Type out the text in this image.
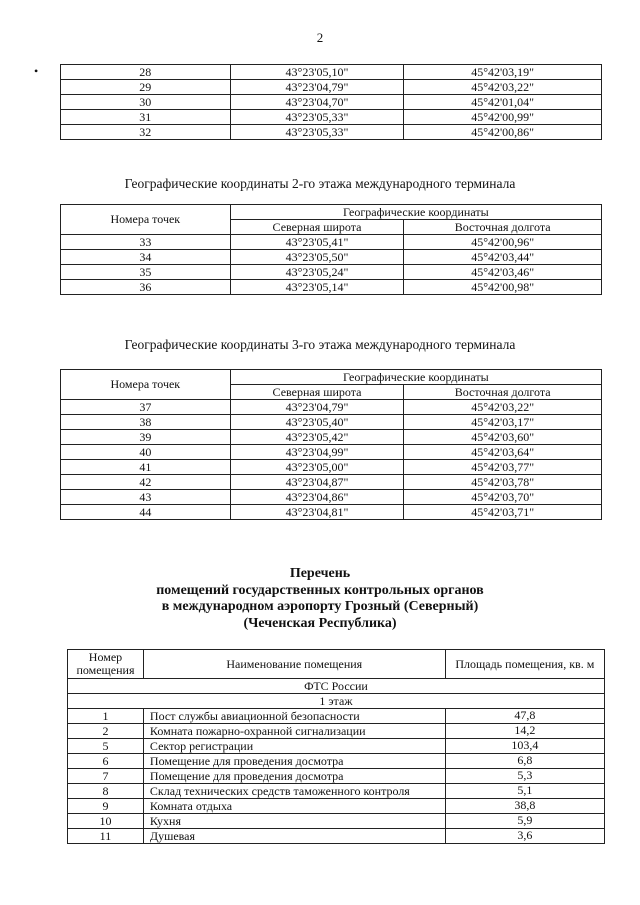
2
•	28	43°23'05,10"	45°42'03,19"
29	43°23'04,79"	45°42'03,22"
30	43°23'04,70"	45°42'01,04"
31	43°23'05,33"	45°42'00,99"
32	43°23'05,33"	45°42'00,86"
Географические координаты 2-го этажа международного терминала
Номера точек	Географические координаты	
	Северная широта	Восточная долгота
33	43°23'05,41"	45°42'00,96"
34	43°23'05,50"	45°42'03,44"
35	43°23'05,24"	45°42'03,46"
36	43°23'05,14"	45°42'00,98"
Географические координаты 3-го этажа международного терминала
Номера точек	Географические координаты	
	Северная широта	Восточная долгота
37	43°23'04,79"	45°42'03,22"
38	43°23'05,40"	45°42'03,17"
39	43°23'05,42"	45°42'03,60"
40	43°23'04,99"	45°42'03,64"
41	43°23'05,00"	45°42'03,77"
42	43°23'04,87"	45°42'03,78"
43	43°23'04,86"	45°42'03,70"
44	43°23'04,81"	45°42'03,71"
Перечень
помещений государственных контрольных органов
в международном аэропорту Грозный (Северный)
(Чеченская Республика)
Номер помещения	Наименование помещения	Площадь помещения, кв. м
ФТС России		
1 этаж		
1	Пост службы авиационной безопасности	47,8
2	Комната пожарно-охранной сигнализации	14,2
5	Сектор регистрации	103,4
6	Помещение для проведения досмотра	6,8
7	Помещение для проведения досмотра	5,3
8	Склад технических средств таможенного контроля	5,1
9	Комната отдыха	38,8
10	Кухня	5,9
11	Душевая	3,6
